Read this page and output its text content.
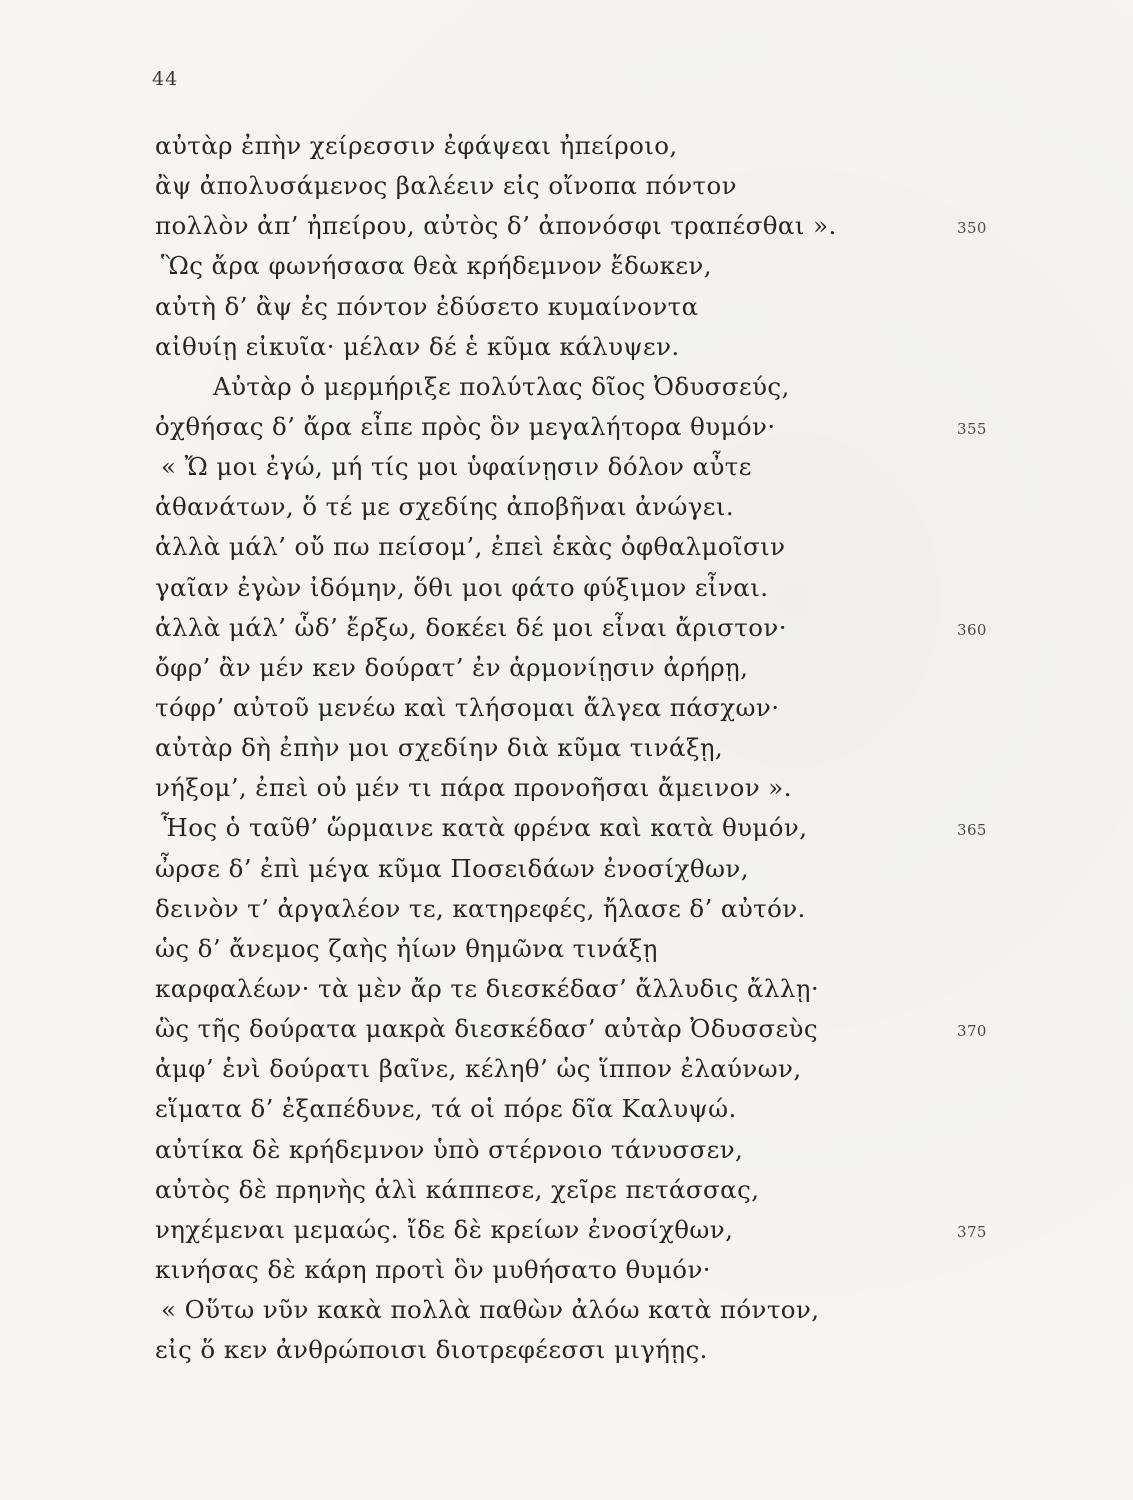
44
αὐτὰρ ἐπὴν χείρεσσιν ἐφάψεαι ἠπείροιο,
ἂψ ἀπολυσάμενος βαλέειν εἰς οἴνοπα πόντον
πολλὸν ἀπ’ ἠπείρου, αὐτὸς δ’ ἀπονόσφι τραπέσθαι ».	350
Ὣς ἄρα φωνήσασα θεὰ κρήδεμνον ἔδωκεν,
αὐτὴ δ’ ἂψ ἐς πόντον ἐδύσετο κυμαίνοντα
αἰθυίῃ εἰκυῖα· μέλαν δέ ἑ κῦμα κάλυψεν.
Αὐτὰρ ὁ μερμήριξε πολύτλας δῖος Ὀδυσσεύς,
ὀχθήσας δ’ ἄρα εἶπε πρὸς ὃν μεγαλήτορα θυμόν·	355
« Ὤ μοι ἐγώ, μή τίς μοι ὑφαίνῃσιν δόλον αὖτε
ἀθανάτων, ὅ τέ με σχεδίης ἀποβῆναι ἀνώγει.
ἀλλὰ μάλ’ οὔ πω πείσομ’, ἐπεὶ ἑκὰς ὀφθαλμοῖσιν
γαῖαν ἐγὼν ἰδόμην, ὅθι μοι φάτο φύξιμον εἶναι.
ἀλλὰ μάλ’ ὧδ’ ἔρξω, δοκέει δέ μοι εἶναι ἄριστον·	360
ὄφρ’ ἂν μέν κεν δούρατ’ ἐν ἁρμονίῃσιν ἀρήρῃ,
τόφρ’ αὐτοῦ μενέω καὶ τλήσομαι ἄλγεα πάσχων·
αὐτὰρ δὴ ἐπὴν μοι σχεδίην διὰ κῦμα τινάξῃ,
νήξομ’, ἐπεὶ οὐ μέν τι πάρα προνοῆσαι ἄμεινον ».
Ἧος ὁ ταῦθ’ ὥρμαινε κατὰ φρένα καὶ κατὰ θυμόν,	365
ὦρσε δ’ ἐπὶ μέγα κῦμα Ποσειδάων ἐνοσίχθων,
δεινὸν τ’ ἀργαλέον τε, κατηρεφές, ἤλασε δ’ αὐτόν.
ὡς δ’ ἄνεμος ζαὴς ἠίων θημῶνα τινάξῃ
καρφαλέων· τὰ μὲν ἄρ τε διεσκέδασ’ ἄλλυδις ἄλλῃ·
ὣς τῆς δούρατα μακρὰ διεσκέδασ’ αὐτὰρ Ὀδυσσεὺς	370
ἀμφ’ ἑνὶ δούρατι βαῖνε, κέληθ’ ὡς ἵππον ἐλαύνων,
εἵματα δ’ ἐξαπέδυνε, τά οἱ πόρε δῖα Καλυψώ.
αὐτίκα δὲ κρήδεμνον ὑπὸ στέρνοιο τάνυσσεν,
αὐτὸς δὲ πρηνὴς ἁλὶ κάππεσε, χεῖρε πετάσσας,
νηχέμεναι μεμαώς. ἴδε δὲ κρείων ἐνοσίχθων,	375
κινήσας δὲ κάρη προτὶ ὃν μυθήσατο θυμόν·
« Οὕτω νῦν κακὰ πολλὰ παθὼν ἀλόω κατὰ πόντον,
εἰς ὅ κεν ἀνθρώποισι διοτρεφέεσσι μιγήῃς.
